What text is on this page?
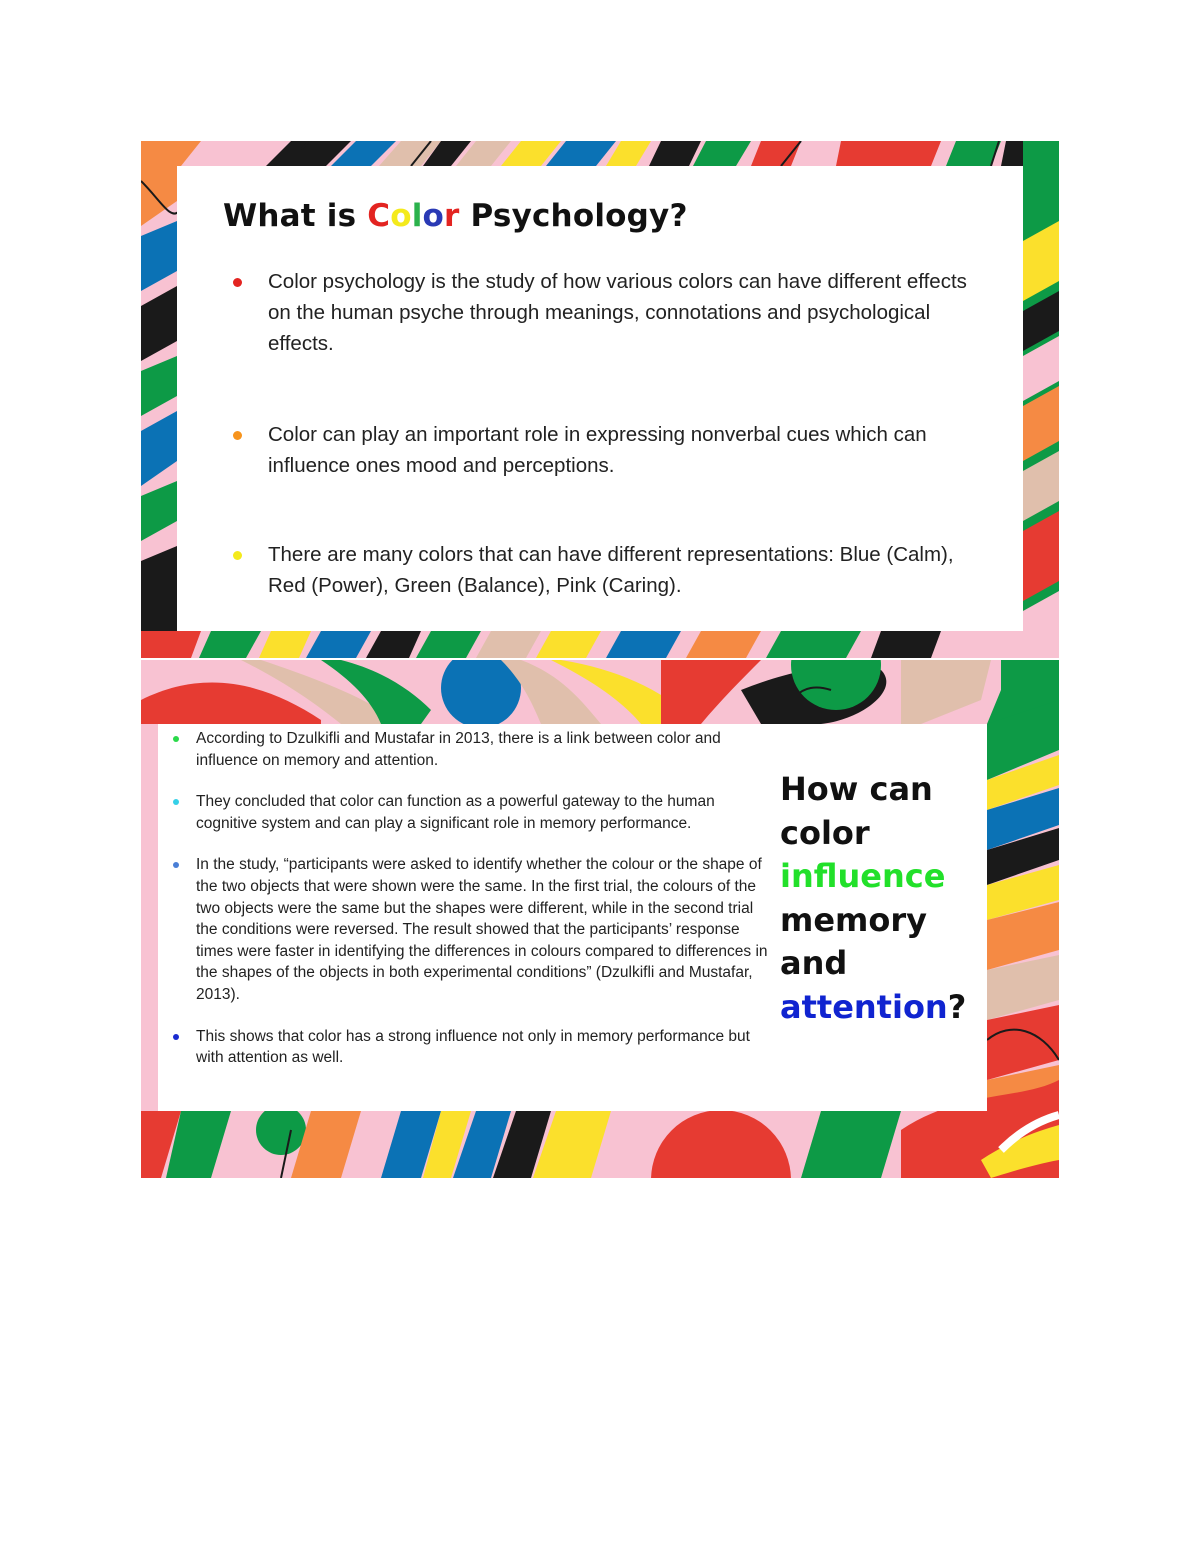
What is Color Psychology?
Color psychology is the study of how various colors can have different effects on the human psyche through meanings, connotations and psychological effects.
Color can play an important role in expressing nonverbal cues which can influence ones mood and perceptions.
There are many colors that can have different representations: Blue (Calm), Red (Power), Green (Balance), Pink (Caring).
According to Dzulkifli and Mustafar in 2013, there is a link between color and influence on memory and attention.
They concluded that color can function as a powerful gateway to the human cognitive system and can play a significant role in memory performance.
In the study, “participants were asked to identify whether the colour or the shape of the two objects that were shown were the same. In the first trial, the colours of the two objects were the same but the shapes were different, while in the second trial the conditions were reversed. The result showed that the participants’ response times were faster in identifying the differences in colours compared to differences in the shapes of the objects in both experimental conditions” (Dzulkifli and Mustafar, 2013).
This shows that color has a strong influence not only in memory performance but with attention as well.
How can
color
influence
memory
and
attention?
